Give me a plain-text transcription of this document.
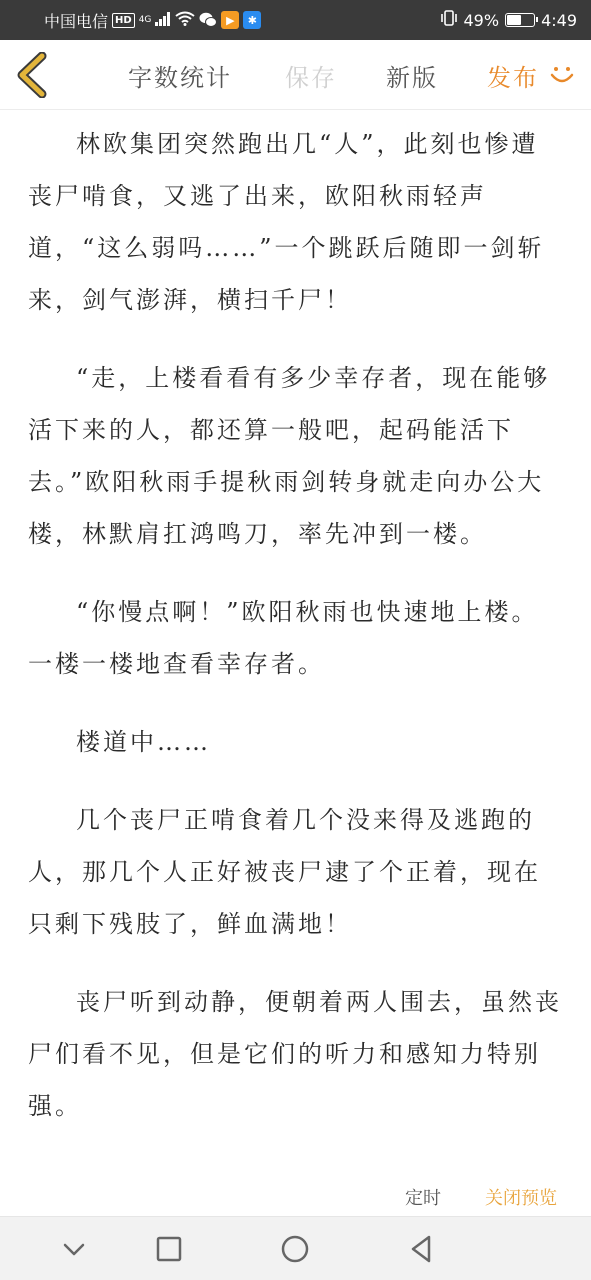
中国电信 HD 4G	▶	✱	49%	4:49
字数统计 保存 新版 发布

林欧集团突然跑出几“人”，此刻也惨遭丧尸啃食，又逃了出来，欧阳秋雨轻声道，“这么弱吗……”一个跳跃后随即一剑斩来，剑气澎湃，横扫千尸！

“走，上楼看看有多少幸存者，现在能够活下来的人，都还算一般吧，起码能活下去。”欧阳秋雨手提秋雨剑转身就走向办公大楼，林默肩扛鸿鸣刀，率先冲到一楼。

“你慢点啊！”欧阳秋雨也快速地上楼。一楼一楼地查看幸存者。

楼道中……

几个丧尸正啃食着几个没来得及逃跑的人，那几个人正好被丧尸逮了个正着，现在只剩下残肢了，鲜血满地！

丧尸听到动静，便朝着两人围去，虽然丧尸们看不见，但是它们的听力和感知力特别强。

定时 关闭预览
